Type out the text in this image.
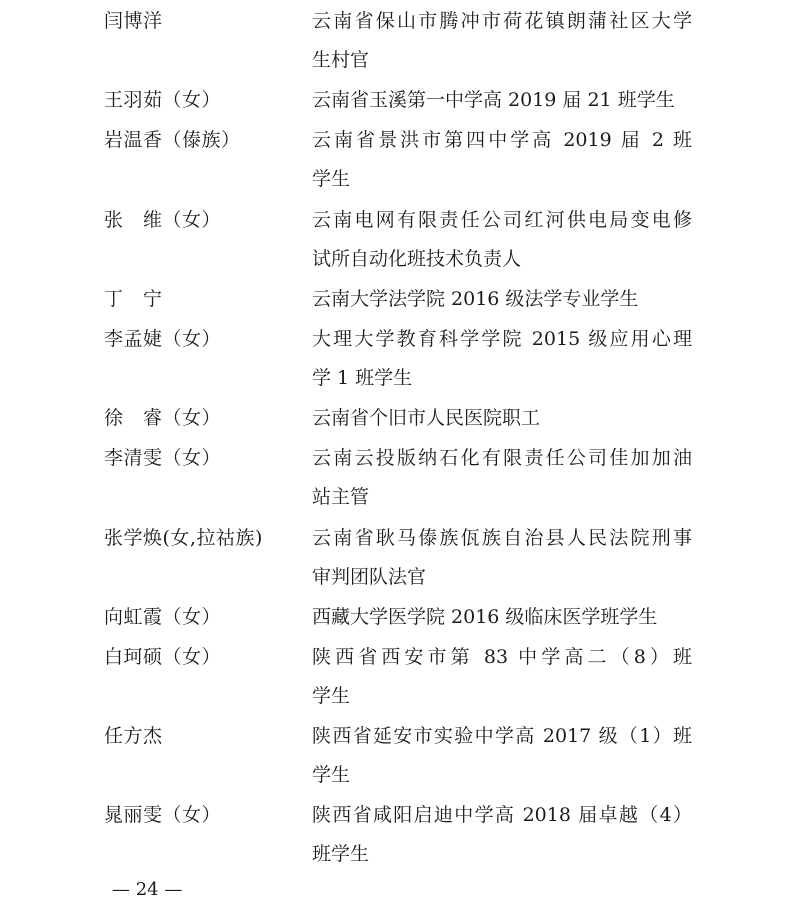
闫博洋	云南省保山市腾冲市荷花镇朗蒲社区大学
生村官
王羽茹（女）	云南省玉溪第一中学高 2019 届 21 班学生
岩温香（傣族）	云南省景洪市第四中学高 2019 届 2 班
学生
张　维（女）	云南电网有限责任公司红河供电局变电修
试所自动化班技术负责人
丁　宁	云南大学法学院 2016 级法学专业学生
李孟婕（女）	大理大学教育科学学院 2015 级应用心理
学 1 班学生
徐　睿（女）	云南省个旧市人民医院职工
李清雯（女）	云南云投版纳石化有限责任公司佳加加油
站主管
张学焕(女,拉祜族)	云南省耿马傣族佤族自治县人民法院刑事
审判团队法官
向虹霞（女）	西藏大学医学院 2016 级临床医学班学生
白珂硕（女）	陕西省西安市第 83 中学高二（8）班
学生
任方杰	陕西省延安市实验中学高 2017 级（1）班
学生
晁丽雯（女）	陕西省咸阳启迪中学高 2018 届卓越（4）
班学生
— 24 —
